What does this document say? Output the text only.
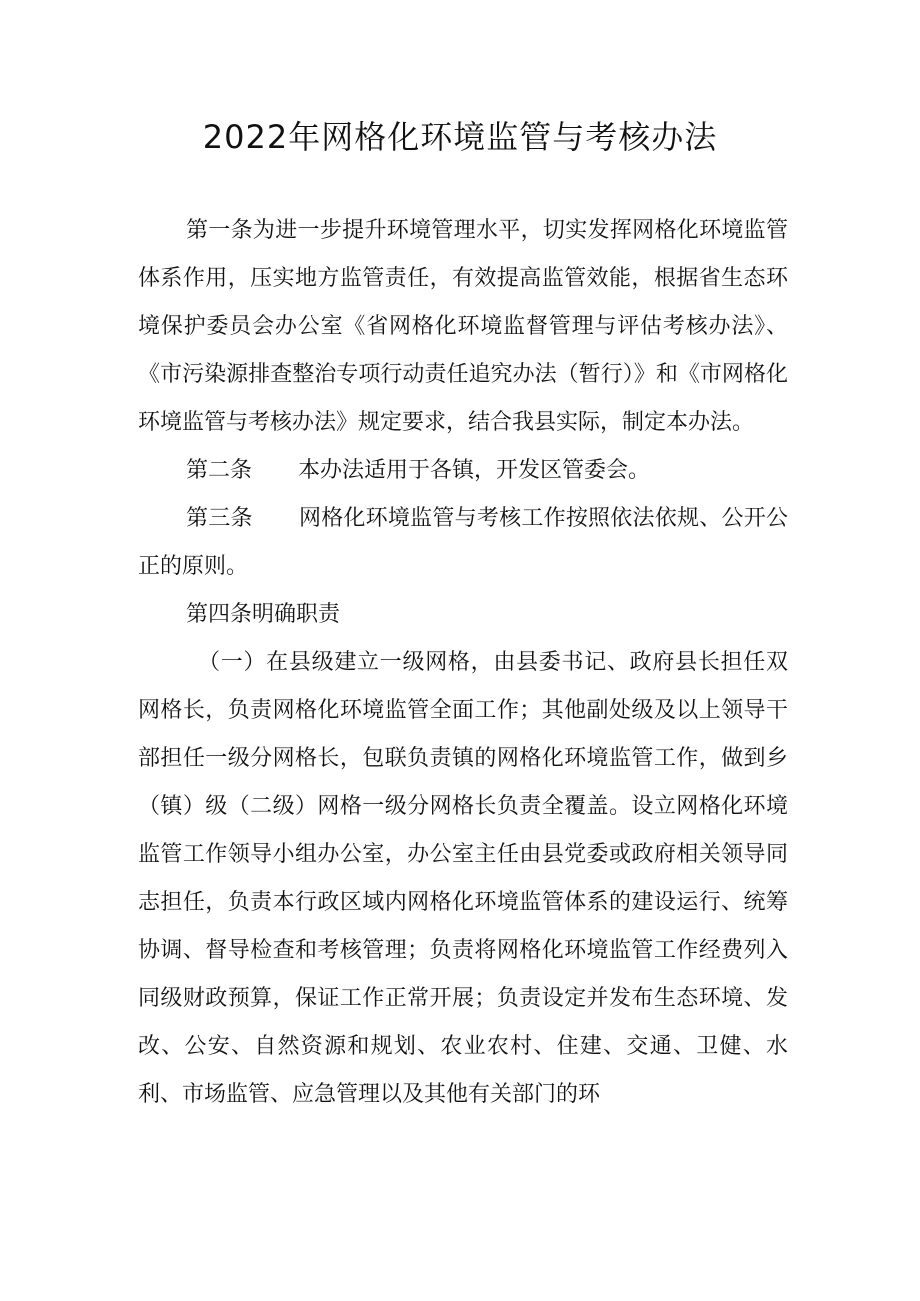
2022年网格化环境监管与考核办法

第一条为进一步提升环境管理水平，切实发挥网格化环境监管体系作用，压实地方监管责任，有效提高监管效能，根据省生态环境保护委员会办公室《省网格化环境监督管理与评估考核办法》、《市污染源排查整治专项行动责任追究办法（暂行）》和《市网格化环境监管与考核办法》规定要求，结合我县实际，制定本办法。

第二条 本办法适用于各镇，开发区管委会。

第三条 网格化环境监管与考核工作按照依法依规、公开公正的原则。

第四条明确职责

（一）在县级建立一级网格，由县委书记、政府县长担任双网格长，负责网格化环境监管全面工作；其他副处级及以上领导干部担任一级分网格长，包联负责镇的网格化环境监管工作，做到乡（镇）级（二级）网格一级分网格长负责全覆盖。设立网格化环境监管工作领导小组办公室，办公室主任由县党委或政府相关领导同志担任，负责本行政区域内网格化环境监管体系的建设运行、统筹协调、督导检查和考核管理；负责将网格化环境监管工作经费列入同级财政预算，保证工作正常开展；负责设定并发布生态环境、发改、公安、自然资源和规划、农业农村、住建、交通、卫健、水利、市场监管、应急管理以及其他有关部门的环
